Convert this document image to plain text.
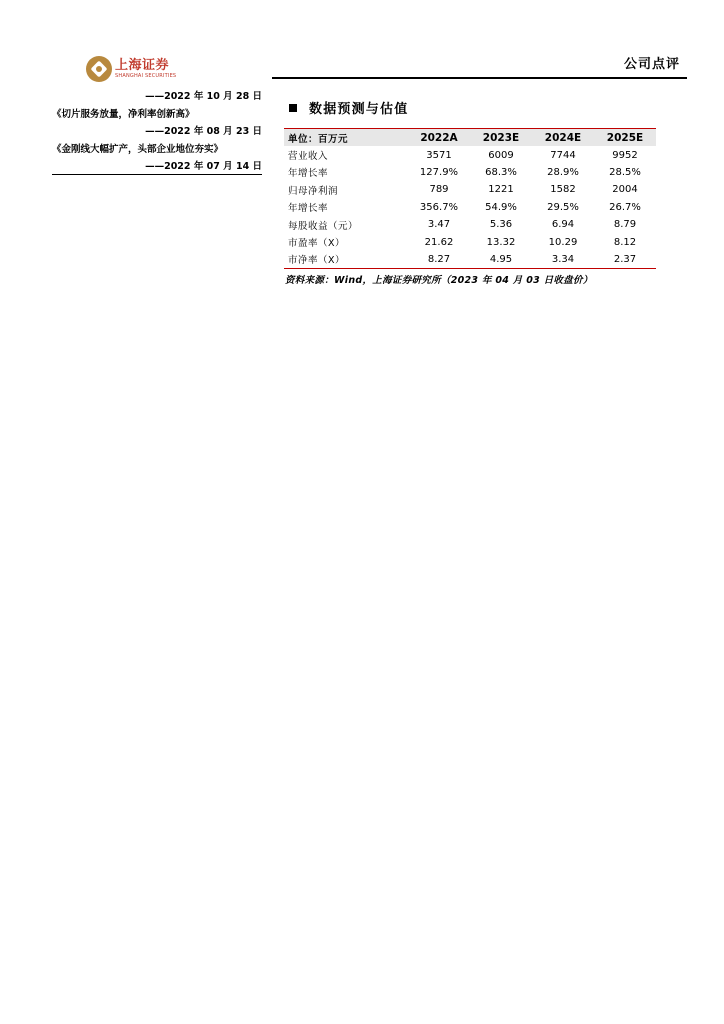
上海证券
SHANGHAI SECURITIES
公司点评
——2022 年 10 月 28 日
《切片服务放量，净利率创新高》
——2022 年 08 月 23 日
《金刚线大幅扩产，头部企业地位夯实》
——2022 年 07 月 14 日
数据预测与估值
单位：百万元	2022A	2023E	2024E	2025E
营业收入	3571	6009	7744	9952
年增长率	127.9%	68.3%	28.9%	28.5%
归母净利润	789	1221	1582	2004
年增长率	356.7%	54.9%	29.5%	26.7%
每股收益（元）	3.47	5.36	6.94	8.79
市盈率（X）	21.62	13.32	10.29	8.12
市净率（X）	8.27	4.95	3.34	2.37
资料来源：Wind，上海证券研究所（2023 年 04 月 03 日收盘价）
